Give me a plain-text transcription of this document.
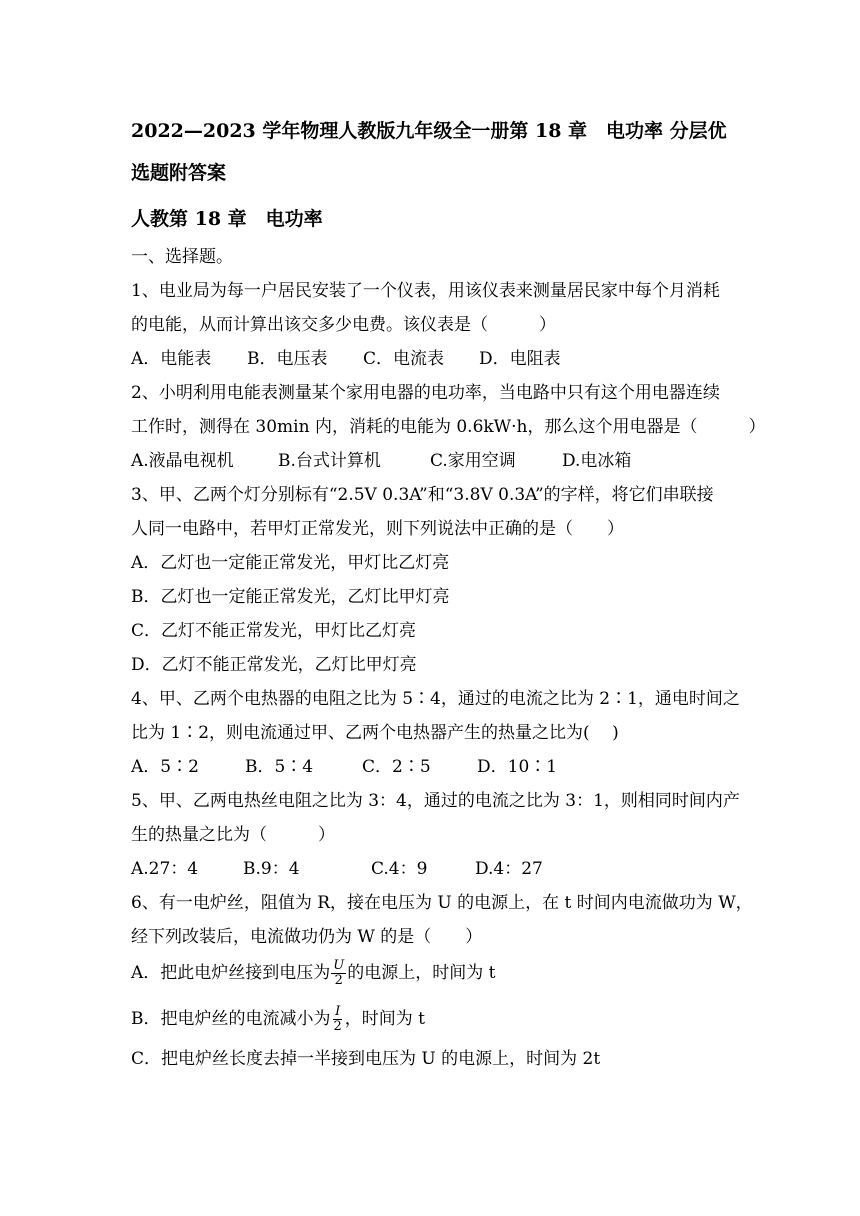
2022—2023 学年物理人教版九年级全一册第 18 章　电功率 分层优
选题附答案
人教第 18 章　电功率
一、选择题。
1、电业局为每一户居民安装了一个仪表，用该仪表来测量居民家中每个月消耗
的电能，从而计算出该交多少电费。该仪表是（　　　）
A．电能表 B．电压表 C．电流表 D．电阻表
2、小明利用电能表测量某个家用电器的电功率，当电路中只有这个用电器连续
工作时，测得在 30min 内，消耗的电能为 0.6kW·h，那么这个用电器是（　　　）
A.液晶电视机	B.台式计算机	C.家用空调	D.电冰箱
3、甲、乙两个灯分别标有“2.5V 0.3A”和“3.8V 0.3A”的字样，将它们串联接
人同一电路中，若甲灯正常发光，则下列说法中正确的是（　　）
A．乙灯也一定能正常发光，甲灯比乙灯亮
B．乙灯也一定能正常发光，乙灯比甲灯亮
C．乙灯不能正常发光，甲灯比乙灯亮
D．乙灯不能正常发光，乙灯比甲灯亮
4、甲、乙两个电热器的电阻之比为 5∶4，通过的电流之比为 2∶1，通电时间之
比为 1∶2，则电流通过甲、乙两个电热器产生的热量之比为(　 )
A．5∶2	B．5∶4	C．2∶5	D．10∶1
5、甲、乙两电热丝电阻之比为 3：4，通过的电流之比为 3：1，则相同时间内产
生的热量之比为（　　　）
A.27：4	B.9：4	C.4：9	D.4：27
6、有一电炉丝，阻值为 R，接在电压为 U 的电源上，在 t 时间内电流做功为 W，
经下列改装后，电流做功仍为 W 的是（　　）
A．把此电炉丝接到电压为 $\frac{U}{2}$ 的电源上，时间为 t
B．把电炉丝的电流减小为 $\frac{I}{2}$ ，时间为 t
C．把电炉丝长度去掉一半接到电压为 U 的电源上，时间为 2t
